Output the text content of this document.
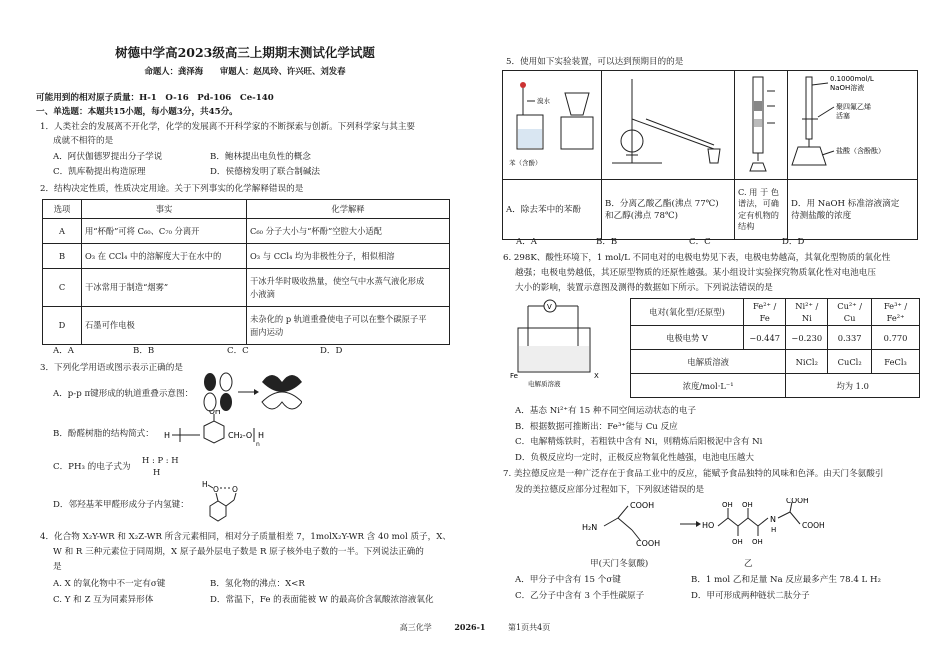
树德中学高2023级高三上期期末测试化学试题
命题人：龚泽海　　审题人：赵凤玲、许兴旺、刘发春
可能用到的相对原子质量：H-1　O-16　Pd-106　Ce-140
一、单选题：本题共15小题，每小题3分，共45分。
1．人类社会的发展离不开化学，化学的发展离不开科学家的不断探索与创新。下列科学家与其主要
成就不相符的是
A．阿伏伽德罗提出分子学说	B．鲍林提出电负性的概念
C．凯库勒提出构造原理	D．侯德榜发明了联合制碱法
2．结构决定性质，性质决定用途。关于下列事实的化学解释错误的是
选项	事实	化学解释
A	用“杯酚”可将 C₆₀、C₇₀ 分离开	C₆₀ 分子大小与“杯酚”空腔大小适配
B	O₃ 在 CCl₄ 中的溶解度大于在水中的	O₃ 与 CCl₄ 均为非极性分子，相似相溶
C	干冰常用于制造“烟雾”	干冰升华时吸收热量，使空气中水蒸气液化形成
小液滴
D	石墨可作电极	未杂化的 p 轨道重叠使电子可以在整个碳原子平
面内运动
A．A	B．B	C．C	D．D
3．下列化学用语或图示表示正确的是
A．p-p π键形成的轨道重叠示意图：
B．酚醛树脂的结构简式： H
OH
CH₂-O H
n
C．PH₃ 的电子式为
H : P : H
H
D．邻羟基苯甲醛形成分子内氢键：
H
O O
4．化合物 X₂Y-WR 和 X₂Z-WR 所含元素相同，相对分子质量相差 7，1molX₂Y-WR 含 40 mol 质子，X、
W 和 R 三种元素位于同周期，X 原子最外层电子数是 R 原子核外电子数的一半。下列说法正确的
是
A. X 的氧化物中不一定有σ键	B．氢化物的沸点：X<R
C. Y 和 Z 互为同素异形体	D．常温下，Fe 的表面能被 W 的最高价含氧酸浓溶液氧化
5．使用如下实验装置，可以达到预期目的的是
溴水
苯（含酚）			0.1000mol/L
NaOH溶液
聚四氟乙烯
活塞
盐酸（含酚酞）

A．除去苯中的苯酚	B．分离乙酸乙酯(沸点 77℃)
和乙醇(沸点 78℃)	C. 用 于 色
谱法，可确
定有机物的
结构	D．用 NaOH 标准溶液滴定
待测盐酸的浓度
A．A	B．B	C．C	D．D
6. 298K、酸性环境下，1 mol/L 不同电对的电极电势见下表，电极电势越高，其氧化型物质的氧化性
越强；电极电势越低，其还原型物质的还原性越强。某小组设计实验探究物质氧化性对电池电压
大小的影响，装置示意图及测得的数据如下所示。下列说法错误的是
V
Fe	X
电解质溶液
电对(氧化型/还原型)	Fe²⁺ / Fe	Ni²⁺ / Ni	Cu²⁺ / Cu	Fe³⁺ / Fe²⁺
电极电势 V	−0.447	−0.230	0.337	0.770
电解质溶液		NiCl₂	CuCl₂	FeCl₃
浓度/mol·L⁻¹		均为 1.0		
A．基态 Ni²⁺有 15 种不同空间运动状态的电子
B．根据数据可推断出：Fe³⁺能与 Cu 反应
C．电解精炼铁时，若粗铁中含有 Ni，则精炼后阳极泥中含有 Ni
D．负极反应均一定时，正极反应物氧化性越强，电池电压越大
7. 美拉德反应是一种广泛存在于食品工业中的反应，能赋予食品独特的风味和色泽。由天门冬氨酸引
发的美拉德反应部分过程如下，下列叙述错误的是
COOH
H₂N
COOH
HO
OH
OH
OH
OH
N
H
COOH
COOH
甲(天门冬氨酸)	乙
A．甲分子中含有 15 个σ键	B．1 mol 乙和足量 Na 反应最多产生 78.4 L H₂
C．乙分子中含有 3 个手性碳原子	D．甲可形成两种链状二肽分子
高三化学	2026-1	第1页共4页
